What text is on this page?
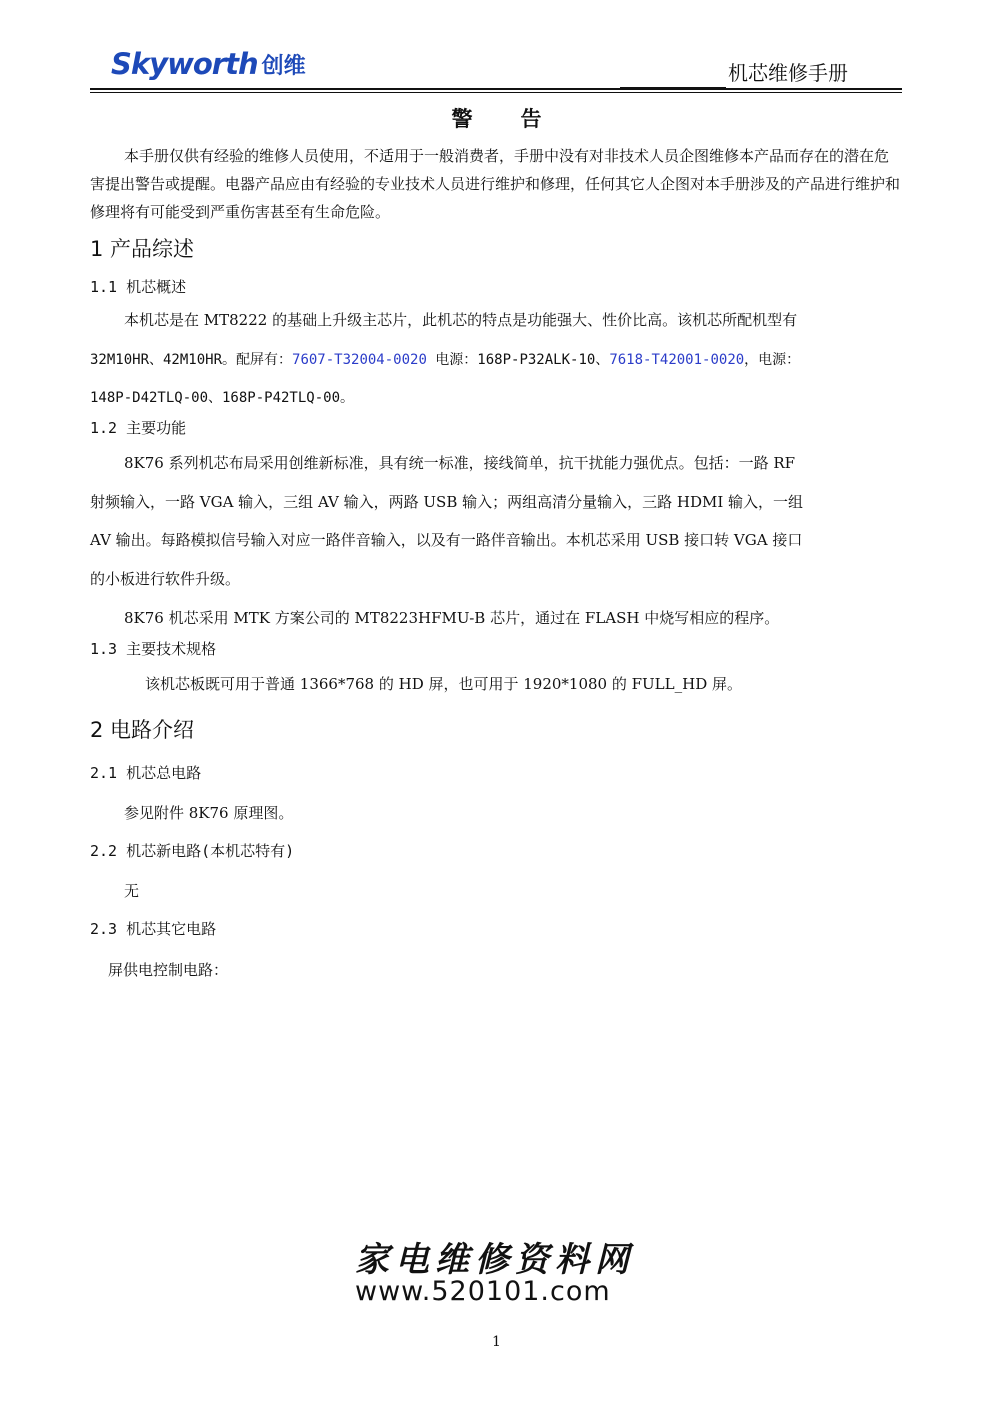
Skyworth 创维	机芯维修手册
警告
本手册仅供有经验的维修人员使用，不适用于一般消费者，手册中没有对非技术人员企图维修本产品而存在的潜在危害提出警告或提醒。电器产品应由有经验的专业技术人员进行维护和修理，任何其它人企图对本手册涉及的产品进行维护和修理将有可能受到严重伤害甚至有生命危险。
1 产品综述
1.1 机芯概述
本机芯是在 MT8222 的基础上升级主芯片，此机芯的特点是功能强大、性价比高。该机芯所配机型有
32M10HR、42M10HR。配屏有：7607-T32004-0020 电源：168P-P32ALK-10、7618-T42001-0020，电源：
148P-D42TLQ-00、168P-P42TLQ-00。
1.2 主要功能
8K76 系列机芯布局采用创维新标准，具有统一标准，接线简单，抗干扰能力强优点。包括：一路 RF
射频输入，一路 VGA 输入，三组 AV 输入，两路 USB 输入；两组高清分量输入，三路 HDMI 输入，一组
AV 输出。每路模拟信号输入对应一路伴音输入，以及有一路伴音输出。本机芯采用 USB 接口转 VGA 接口
的小板进行软件升级。
8K76 机芯采用 MTK 方案公司的 MT8223HFMU-B 芯片，通过在 FLASH 中烧写相应的程序。
1.3 主要技术规格
该机芯板既可用于普通 1366*768 的 HD 屏，也可用于 1920*1080 的 FULL_HD 屏。
2 电路介绍
2.1 机芯总电路
参见附件 8K76 原理图。
2.2 机芯新电路(本机芯特有)
无
2.3 机芯其它电路
屏供电控制电路：
家电维修资料网
www.520101.com
1
